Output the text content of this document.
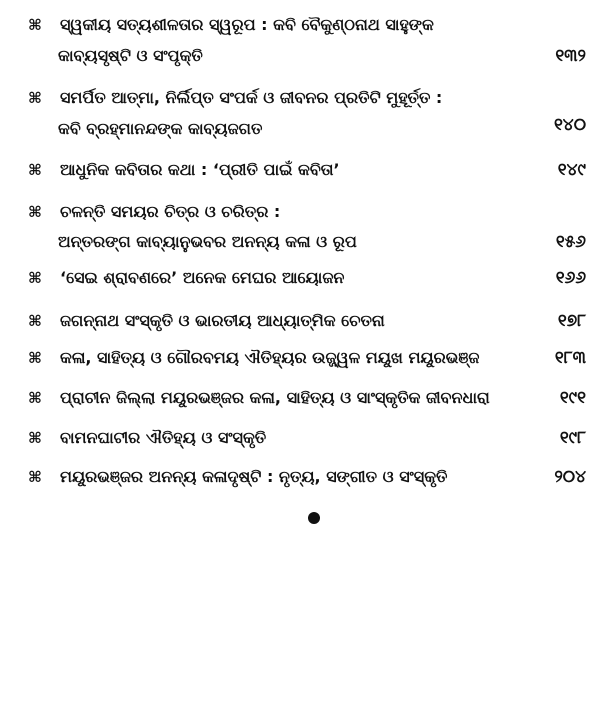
⌘ ସ୍ୱକୀୟ ସତ୍ୟଶୀଳତାର ସ୍ୱରୂପ : କବି ବୈକୁଣ୍ଠନାଥ ସାହୁଙ୍କ
କାବ୍ୟସୃଷ୍ଟି ଓ ସଂପୃକ୍ତି	୧୩୨
⌘ ସମର୍ପିତ ଆତ୍ମା, ନିର୍ଲିପ୍ତ ସଂପର୍କ ଓ ଜୀବନର ପ୍ରତିଟି ମୁହୂର୍ତ୍ତ :
କବି ବ୍ରହ୍ମାନନ୍ଦଙ୍କ କାବ୍ୟଜଗତ	୧୪୦
⌘ ଆଧୁନିକ କବିତାର କଥା : ‘ପ୍ରୀତି ପାଇଁ କବିତା’	୧୪୯
⌘ ଚଳନ୍ତି ସମୟର ଚିତ୍ର ଓ ଚରିତ୍ର :
ଅନ୍ତରଙ୍ଗ କାବ୍ୟାନୁଭବର ଅନନ୍ୟ କଳା ଓ ରୂପ	୧୫୬
⌘ ‘ସେଇ ଶ୍ରାବଣରେ’ ଅନେକ ମେଘର ଆୟୋଜନ	୧୬୬
⌘ ଜଗନ୍ନାଥ ସଂସ୍କୃତି ଓ ଭାରତୀୟ ଆଧ୍ୟାତ୍ମିକ ଚେତନା	୧୭୮
⌘ କଳା, ସାହିତ୍ୟ ଓ ଗୌରବମୟ ଐତିହ୍ୟର ଉଜ୍ଜ୍ୱଳ ମୟୂଖ ମୟୂରଭଞ୍ଜ	୧୮୩
⌘ ପ୍ରାଚୀନ ଜିଲ୍ଲା ମୟୂରଭଞ୍ଜର କଳା, ସାହିତ୍ୟ ଓ ସାଂସ୍କୃତିକ ଜୀବନଧାରା	୧୯୧
⌘ ବାମନଘାଟୀର ଐତିହ୍ୟ ଓ ସଂସ୍କୃତି	୧୯୮
⌘ ମୟୂରଭଞ୍ଜର ଅନନ୍ୟ କଳାଦୃଷ୍ଟି : ନୃତ୍ୟ, ସଙ୍ଗୀତ ଓ ସଂସ୍କୃତି	୨୦୪
